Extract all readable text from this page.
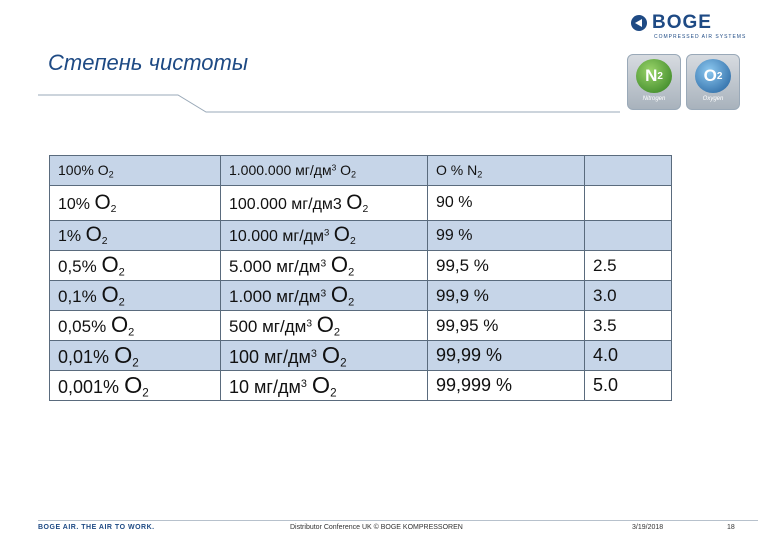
Степень чистоты
BOGE
COMPRESSED AIR SYSTEMS
N 2
Nitrogen
O 2
Oxygen
100% $O_2$	1.000.000 $мг/дм^3$ $O_2$	O % $N_2$	
10% $O_2$	100.000 мг/дм3 $O_2$	90 %	
1% $O_2$	10.000 $мг/дм^3$ $O_2$	99 %	
0,5% $O_2$	5.000 $мг/дм^3$ $O_2$	99,5 %	2.5
0,1% $O_2$	1.000 $мг/дм^3$ $O_2$	99,9 %	3.0
0,05% $O_2$	500 $мг/дм^3$ $O_2$	99,95 %	3.5
0,01% $O_2$	100 $мг/дм^3$ $O_2$	99,99 %	4.0
0,001% $O_2$	10 $мг/дм^3$ $O_2$	99,999 %	5.0
BOGE AIR. THE AIR TO WORK.	Distributor Conference UK © BOGE KOMPRESSOREN	3/19/2018	18
